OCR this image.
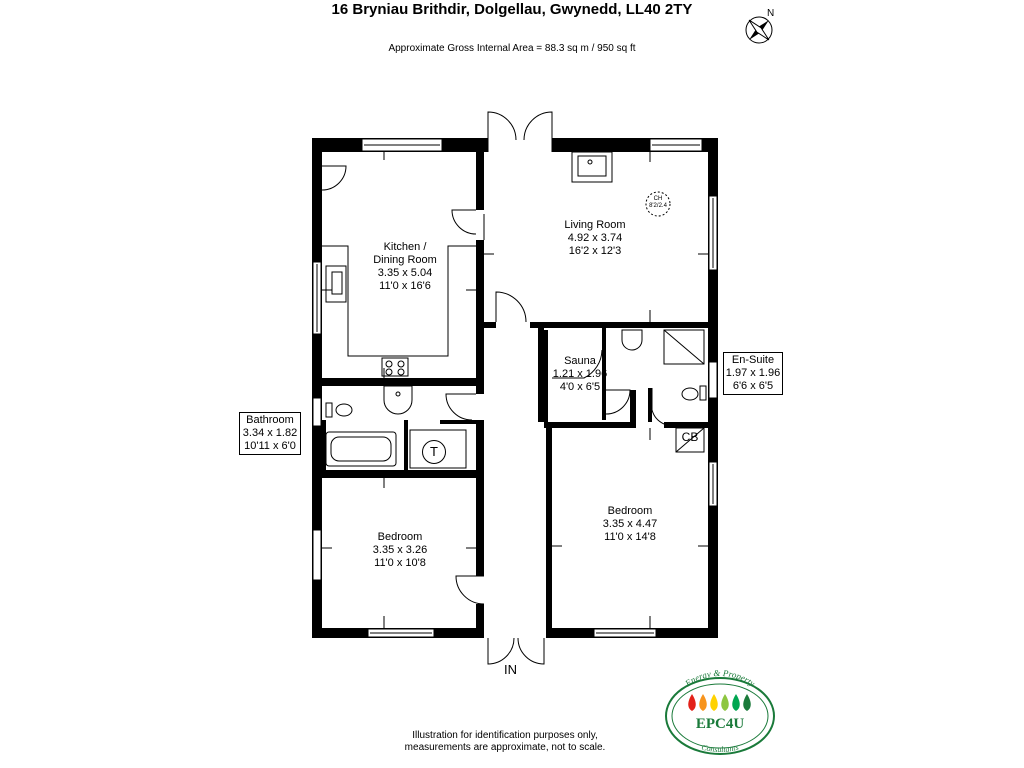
16 Bryniau Brithdir, Dolgellau, Gwynedd, LL40 2TY
Approximate Gross Internal Area = 88.3 sq m / 950 sq ft
N
Kitchen /
Dining Room
3.35 x 5.04
11'0 x 16'6
Living Room
4.92 x 3.74
16'2 x 12'3
Sauna
1.21 x 1.96
4'0 x 6'5
En-Suite
1.97 x 1.96
6'6 x 6'5
Bathroom
3.34 x 1.82
10'11 x 6'0
Bedroom
3.35 x 3.26
11'0 x 10'8
Bedroom
3.35 x 4.47
11'0 x 14'8
CB
T
CH
8'2/2.4
IN
Illustration for identification purposes only,
measurements are approximate, not to scale.
Energy & Property
EPC4U
Consultants
